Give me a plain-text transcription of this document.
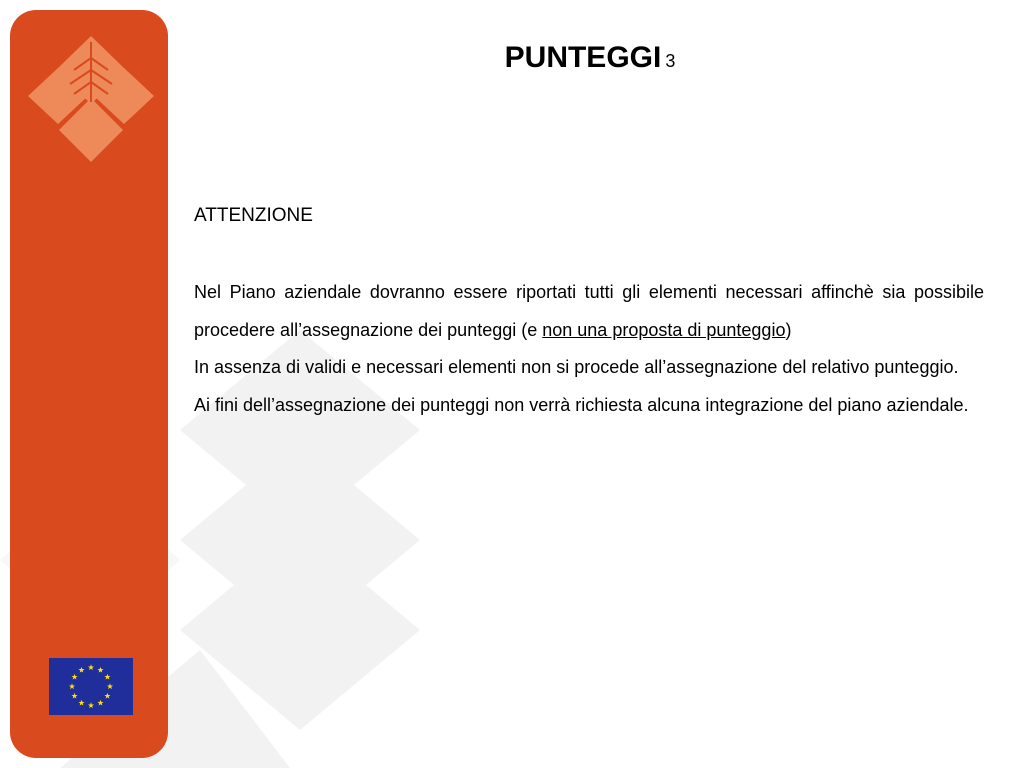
PUNTEGGI 3

ATTENZIONE

Nel Piano aziendale dovranno essere riportati tutti gli elementi necessari affinchè sia possibile procedere all’assegnazione dei punteggi (e non una proposta di punteggio)

In assenza di validi e necessari elementi non si procede all’assegnazione del relativo punteggio.

Ai fini dell’assegnazione dei punteggi non verrà richiesta alcuna integrazione del piano aziendale.
